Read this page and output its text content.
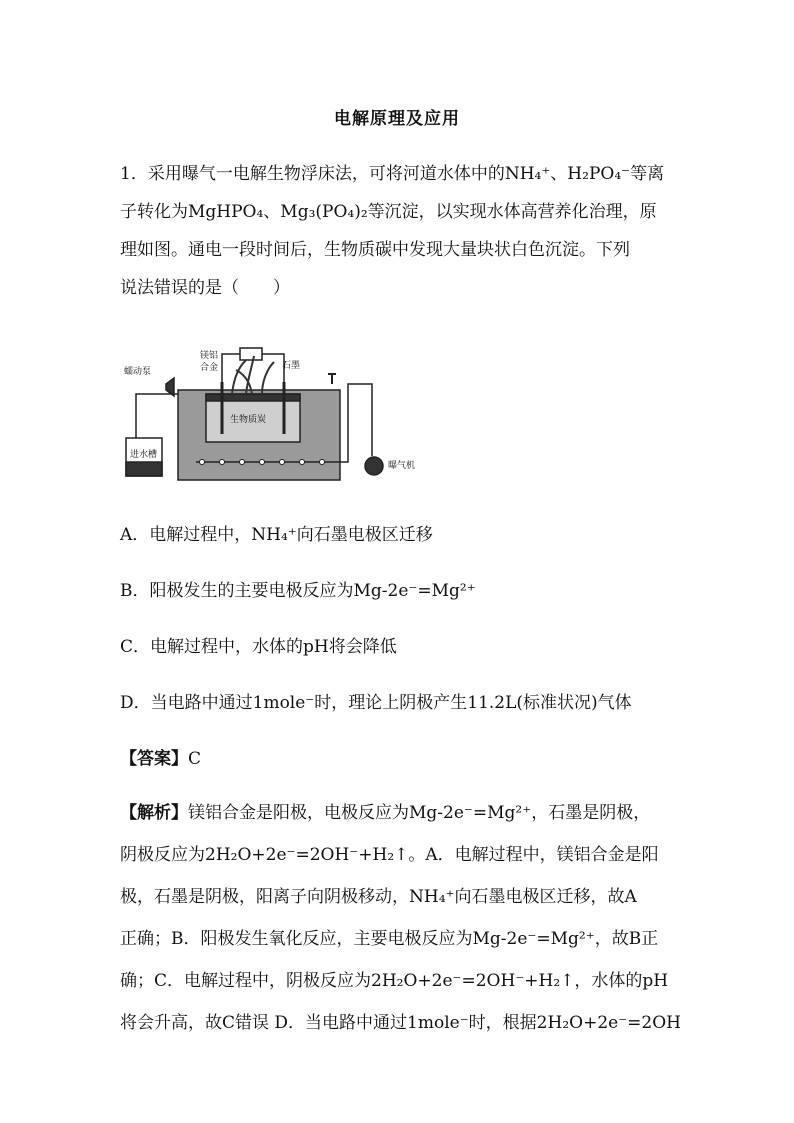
电解原理及应用
1．采用曝气一电解生物浮床法，可将河道水体中的NH₄⁺、H₂PO₄⁻等离
子转化为MgHPO₄、Mg₃(PO₄)₂等沉淀，以实现水体高营养化治理，原
理如图。通电一段时间后，生物质碳中发现大量块状白色沉淀。下列
说法错误的是（　　）
蠕动泵
镁铝
合金	石墨
生物质炭
进水槽
曝气机
A．电解过程中，NH₄⁺向石墨电极区迁移
B．阳极发生的主要电极反应为Mg-2e⁻=Mg²⁺
C．电解过程中，水体的pH将会降低
D．当电路中通过1mole⁻时，理论上阴极产生11.2L(标准状况)气体
【答案】C
【解析】镁铝合金是阳极，电极反应为Mg-2e⁻=Mg²⁺，石墨是阴极，
阴极反应为2H₂O+2e⁻=2OH⁻+H₂↑。A．电解过程中，镁铝合金是阳
极，石墨是阴极，阳离子向阴极移动，NH₄⁺向石墨电极区迁移，故A
正确；B．阳极发生氧化反应，主要电极反应为Mg-2e⁻=Mg²⁺，故B正
确；C．电解过程中，阴极反应为2H₂O+2e⁻=2OH⁻+H₂↑，水体的pH
将会升高，故C错误 D．当电路中通过1mole⁻时，根据2H₂O+2e⁻=2OH
